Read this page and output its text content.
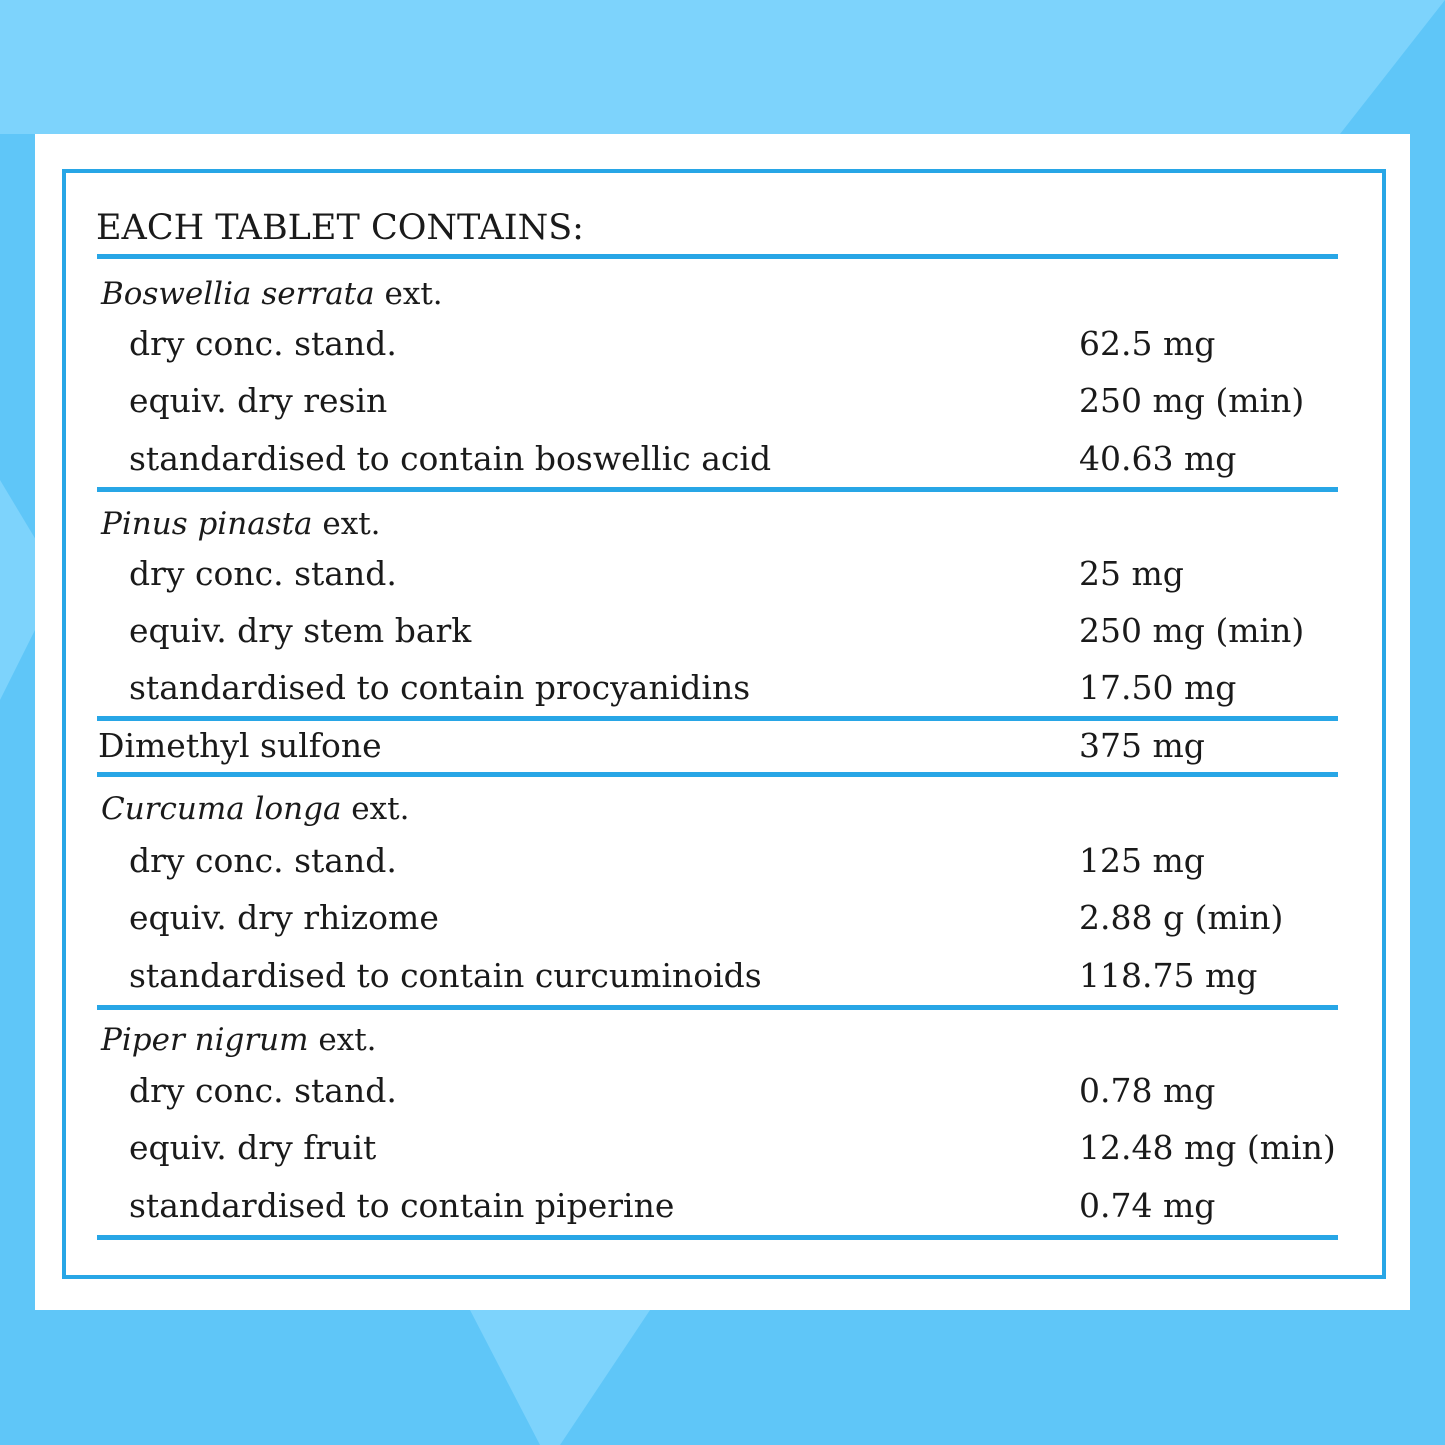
EACH TABLET CONTAINS:
Boswellia serrata ext.
dry conc. stand.	62.5 mg
equiv. dry resin	250 mg (min)
standardised to contain boswellic acid	40.63 mg
Pinus pinasta ext.
dry conc. stand.	25 mg
equiv. dry stem bark	250 mg (min)
standardised to contain procyanidins	17.50 mg
Dimethyl sulfone	375 mg
Curcuma longa ext.
dry conc. stand.	125 mg
equiv. dry rhizome	2.88 g (min)
standardised to contain curcuminoids	118.75 mg
Piper nigrum ext.
dry conc. stand.	0.78 mg
equiv. dry fruit	12.48 mg (min)
standardised to contain piperine	0.74 mg
